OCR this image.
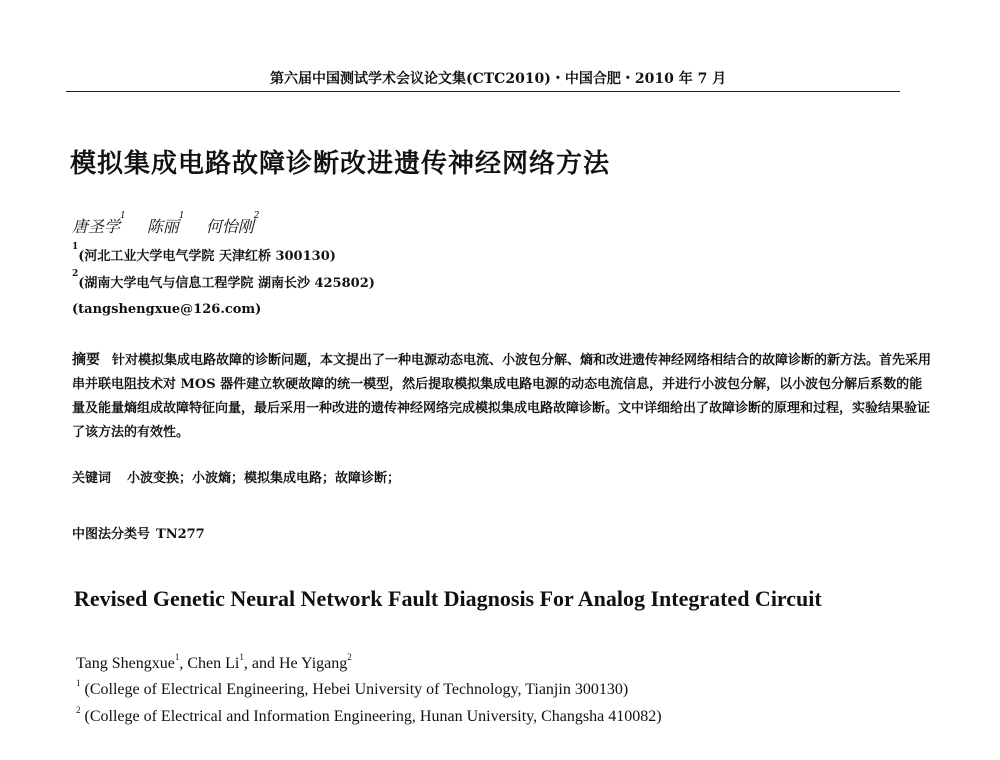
第六届中国测试学术会议论文集(CTC2010)・中国合肥・2010 年 7 月
模拟集成电路故障诊断改进遗传神经网络方法
唐圣学$^1$ 陈丽$^1$ 何怡刚$^2$
$^1$(河北工业大学电气学院 天津红桥 300130)
$^2$(湖南大学电气与信息工程学院 湖南长沙 425802)
(tangshengxue@126.com)
摘要 针对模拟集成电路故障的诊断问题，本文提出了一种电源动态电流、小波包分解、熵和改进遗传神经网络相结合的故障诊断的新方法。首先采用串并联电阻技术对 MOS 器件建立软硬故障的统一模型，然后提取模拟集成电路电源的动态电流信息，并进行小波包分解，以小波包分解后系数的能量及能量熵组成故障特征向量，最后采用一种改进的遗传神经网络完成模拟集成电路故障诊断。文中详细给出了故障诊断的原理和过程，实验结果验证了该方法的有效性。
关键词 小波变换；小波熵；模拟集成电路；故障诊断；
中图法分类号 TN277
Revised Genetic Neural Network Fault Diagnosis For Analog Integrated Circuit
Tang Shengxue$^1$, Chen Li$^1$, and He Yigang$^2$
$^1$ (College of Electrical Engineering, Hebei University of Technology, Tianjin 300130)
$^2$ (College of Electrical and Information Engineering, Hunan University, Changsha 410082)
